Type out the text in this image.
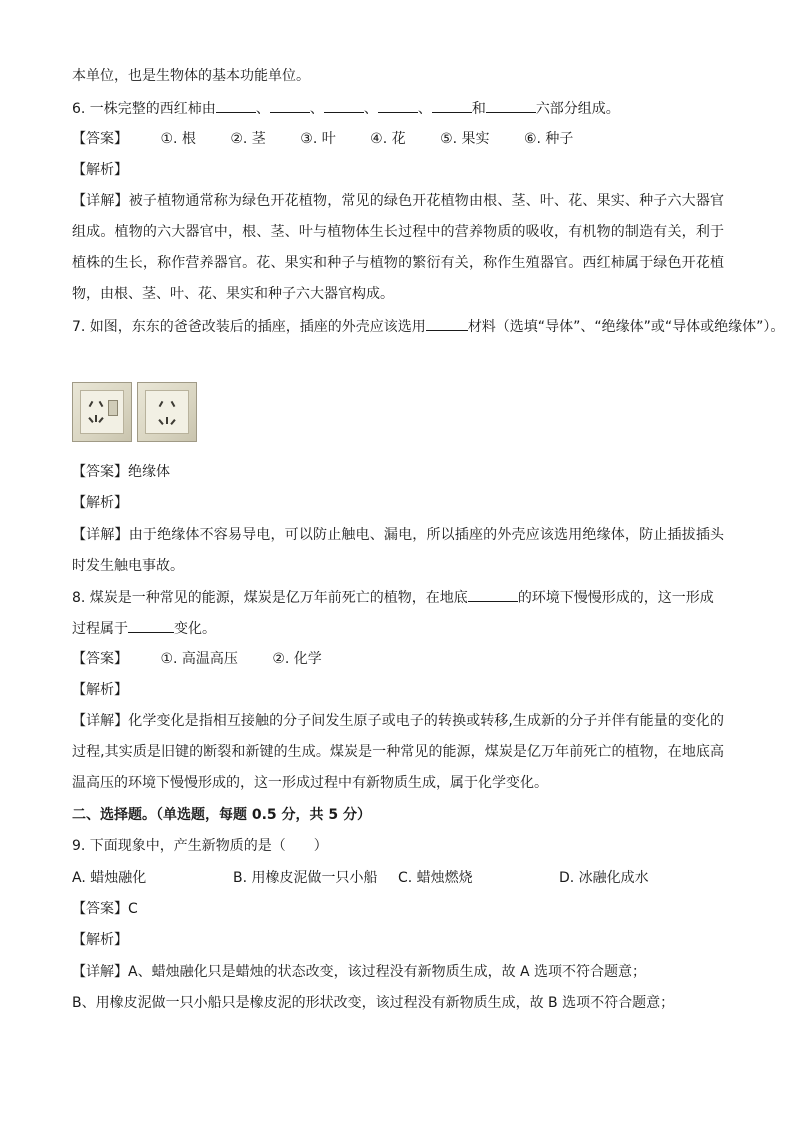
本单位，也是生物体的基本功能单位。
6. 一株完整的西红柿由	、	、	、	、	和	六部分组成。
【答案】 ①. 根 ②. 茎 ③. 叶 ④. 花 ⑤. 果实 ⑥. 种子
【解析】
【详解】被子植物通常称为绿色开花植物，常见的绿色开花植物由根、茎、叶、花、果实、种子六大器官组成。植物的六大器官中，根、茎、叶与植物体生长过程中的营养物质的吸收，有机物的制造有关，利于植株的生长，称作营养器官。花、果实和种子与植物的繁衍有关，称作生殖器官。西红柿属于绿色开花植物，由根、茎、叶、花、果实和种子六大器官构成。
7. 如图，东东的爸爸改装后的插座，插座的外壳应该选用	材料（选填“导体”、“绝缘体”或“导体或绝缘体”）。
【答案】绝缘体
【解析】
【详解】由于绝缘体不容易导电，可以防止触电、漏电，所以插座的外壳应该选用绝缘体，防止插拔插头时发生触电事故。
8. 煤炭是一种常见的能源，煤炭是亿万年前死亡的植物，在地底	的环境下慢慢形成的，这一形成
过程属于	变化。
【答案】 ①. 高温高压 ②. 化学
【解析】
【详解】化学变化是指相互接触的分子间发生原子或电子的转换或转移,生成新的分子并伴有能量的变化的过程,其实质是旧键的断裂和新键的生成。煤炭是一种常见的能源，煤炭是亿万年前死亡的植物，在地底高温高压的环境下慢慢形成的，这一形成过程中有新物质生成，属于化学变化。
二、选择题。（单选题，每题 0.5 分，共 5 分）
9. 下面现象中，产生新物质的是（　　）
A. 蜡烛融化	B. 用橡皮泥做一只小船 C. 蜡烛燃烧	D. 冰融化成水
【答案】C
【解析】
【详解】A、蜡烛融化只是蜡烛的状态改变，该过程没有新物质生成，故 A 选项不符合题意；
B、用橡皮泥做一只小船只是橡皮泥的形状改变，该过程没有新物质生成，故 B 选项不符合题意；
